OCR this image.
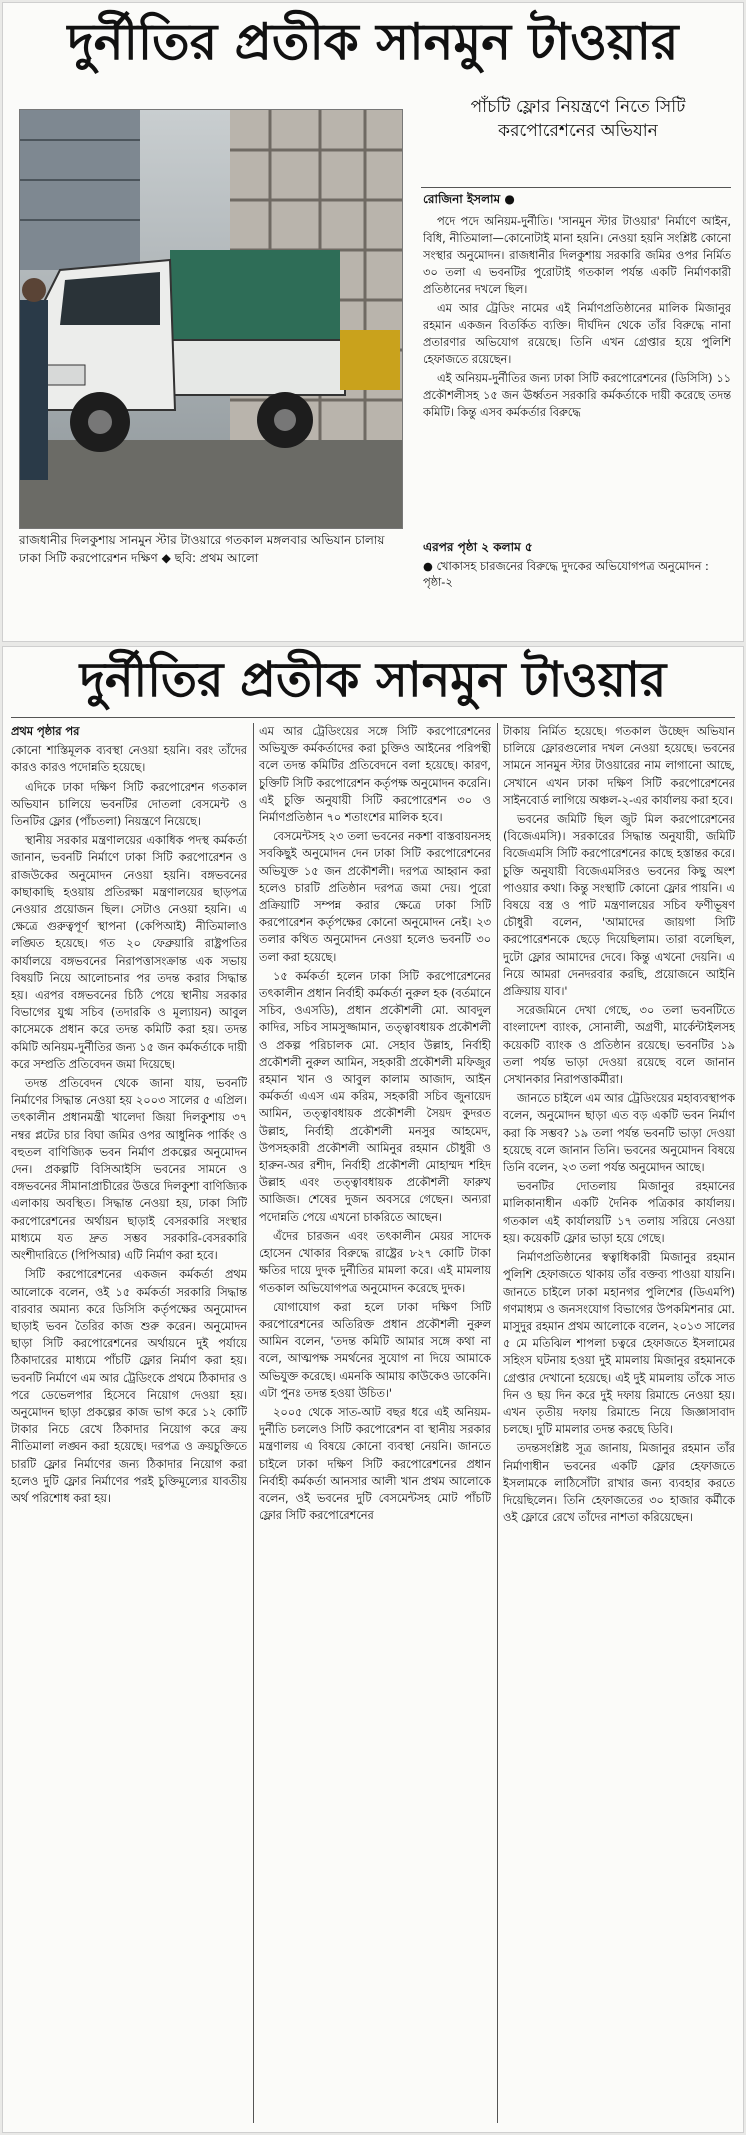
দুর্নীতির প্রতীক সানমুন টাওয়ার
রাজধানীর দিলকুশায় সানমুন স্টার টাওয়ারে গতকাল মঙ্গলবার অভিযান চালায় ঢাকা সিটি করপোরেশন দক্ষিণ ◆ ছবি: প্রথম আলো
পাঁচটি ফ্লোর নিয়ন্ত্রণে নিতে সিটি করপোরেশনের অভিযান
রোজিনা ইসলাম ●

পদে পদে অনিয়ম-দুর্নীতি। 'সানমুন স্টার টাওয়ার' নির্মাণে আইন, বিধি, নীতিমালা—কোনোটাই মানা হয়নি। নেওয়া হয়নি সংশ্লিষ্ট কোনো সংস্থার অনুমোদন। রাজধানীর দিলকুশায় সরকারি জমির ওপর নির্মিত ৩০ তলা এ ভবনটির পুরোটাই গতকাল পর্যন্ত একটি নির্মাণকারী প্রতিষ্ঠানের দখলে ছিল।

এম আর ট্রেডিং নামের এই নির্মাণপ্রতিষ্ঠানের মালিক মিজানুর রহমান একজন বিতর্কিত ব্যক্তি। দীর্ঘদিন থেকে তাঁর বিরুদ্ধে নানা প্রতারণার অভিযোগ রয়েছে। তিনি এখন গ্রেপ্তার হয়ে পুলিশি হেফাজতে রয়েছেন।

এই অনিয়ম-দুর্নীতির জন্য ঢাকা সিটি করপোরেশনের (ডিসিসি) ১১ প্রকৌশলীসহ ১৫ জন ঊর্ধ্বতন সরকারি কর্মকর্তাকে দায়ী করেছে তদন্ত কমিটি। কিন্তু এসব কর্মকর্তার বিরুদ্ধে

এরপর পৃষ্ঠা ২ কলাম ৫
● খোকাসহ চারজনের বিরুদ্ধে দুদকের অভিযোগপত্র অনুমোদন : পৃষ্ঠা-২
দুর্নীতির প্রতীক সানমুন টাওয়ার

প্রথম পৃষ্ঠার পর

কোনো শাস্তিমূলক ব্যবস্থা নেওয়া হয়নি। বরং তাঁদের কারও কারও পদোন্নতি হয়েছে।

এদিকে ঢাকা দক্ষিণ সিটি করপোরেশন গতকাল অভিযান চালিয়ে ভবনটির দোতলা বেসমেন্ট ও তিনটির ফ্লোর (পাঁচতলা) নিয়ন্ত্রণে নিয়েছে।

স্থানীয় সরকার মন্ত্রণালয়ের একাধিক পদস্থ কর্মকর্তা জানান, ভবনটি নির্মাণে ঢাকা সিটি করপোরেশন ও রাজউকের অনুমোদন নেওয়া হয়নি। বঙ্গভবনের কাছাকাছি হওয়ায় প্রতিরক্ষা মন্ত্রণালয়ের ছাড়পত্র নেওয়ার প্রয়োজন ছিল। সেটাও নেওয়া হয়নি। এ ক্ষেত্রে গুরুত্বপূর্ণ স্থাপনা (কেপিআই) নীতিমালাও লঙ্ঘিত হয়েছে। গত ২০ ফেব্রুয়ারি রাষ্ট্রপতির কার্যালয়ে বঙ্গভবনের নিরাপত্তাসংক্রান্ত এক সভায় বিষয়টি নিয়ে আলোচনার পর তদন্ত করার সিদ্ধান্ত হয়। এরপর বঙ্গভবনের চিঠি পেয়ে স্থানীয় সরকার বিভাগের যুগ্ম সচিব (তদারকি ও মূল্যায়ন) আবুল কাসেমকে প্রধান করে তদন্ত কমিটি করা হয়। তদন্ত কমিটি অনিয়ম-দুর্নীতির জন্য ১৫ জন কর্মকর্তাকে দায়ী করে সম্প্রতি প্রতিবেদন জমা দিয়েছে।

তদন্ত প্রতিবেদন থেকে জানা যায়, ভবনটি নির্মাণের সিদ্ধান্ত নেওয়া হয় ২০০৩ সালের ৫ এপ্রিল। তৎকালীন প্রধানমন্ত্রী খালেদা জিয়া দিলকুশায় ৩৭ নম্বর প্লটের চার বিঘা জমির ওপর আধুনিক পার্কিং ও বহুতল বাণিজ্যিক ভবন নির্মাণ প্রকল্পের অনুমোদন দেন। প্রকল্পটি বিসিআইসি ভবনের সামনে ও বঙ্গভবনের সীমানাপ্রাচীরের উত্তরে দিলকুশা বাণিজ্যিক এলাকায় অবস্থিত। সিদ্ধান্ত নেওয়া হয়, ঢাকা সিটি করপোরেশনের অর্থায়ন ছাড়াই বেসরকারি সংস্থার মাধ্যমে যত দ্রুত সম্ভব সরকারি-বেসরকারি অংশীদারিতে (পিপিআর) এটি নির্মাণ করা হবে।

সিটি করপোরেশনের একজন কর্মকর্তা প্রথম আলোকে বলেন, ওই ১৫ কর্মকর্তা সরকারি সিদ্ধান্ত বারবার অমান্য করে ডিসিসি কর্তৃপক্ষের অনুমোদন ছাড়াই ভবন তৈরির কাজ শুরু করেন। অনুমোদন ছাড়া সিটি করপোরেশনের অর্থায়নে দুই পর্যায়ে ঠিকাদারের মাধ্যমে পাঁচটি ফ্লোর নির্মাণ করা হয়। ভবনটি নির্মাণে এম আর ট্রেডিংকে প্রথমে ঠিকাদার ও পরে ডেভেলপার হিসেবে নিয়োগ দেওয়া হয়। অনুমোদন ছাড়া প্রকল্পের কাজ ভাগ করে ১২ কোটি টাকার নিচে রেখে ঠিকাদার নিয়োগ করে ক্রয় নীতিমালা লঙ্ঘন করা হয়েছে। দরপত্র ও ক্রয়চুক্তিতে চারটি ফ্লোর নির্মাণের জন্য ঠিকাদার নিয়োগ করা হলেও দুটি ফ্লোর নির্মাণের পরই চুক্তিমূল্যের যাবতীয় অর্থ পরিশোধ করা হয়।

এম আর ট্রেডিংয়ের সঙ্গে সিটি করপোরেশনের অভিযুক্ত কর্মকর্তাদের করা চুক্তিও আইনের পরিপন্থী বলে তদন্ত কমিটির প্রতিবেদনে বলা হয়েছে। কারণ, চুক্তিটি সিটি করপোরেশন কর্তৃপক্ষ অনুমোদন করেনি। এই চুক্তি অনুযায়ী সিটি করপোরেশন ৩০ ও নির্মাণপ্রতিষ্ঠান ৭০ শতাংশের মালিক হবে।

বেসমেন্টসহ ২৩ তলা ভবনের নকশা বাস্তবায়নসহ সবকিছুই অনুমোদন দেন ঢাকা সিটি করপোরেশনের অভিযুক্ত ১৫ জন প্রকৌশলী। দরপত্র আহ্বান করা হলেও চারটি প্রতিষ্ঠান দরপত্র জমা দেয়। পুরো প্রক্রিয়াটি সম্পন্ন করার ক্ষেত্রে ঢাকা সিটি করপোরেশন কর্তৃপক্ষের কোনো অনুমোদন নেই। ২৩ তলার কথিত অনুমোদন নেওয়া হলেও ভবনটি ৩০ তলা করা হয়েছে।

১৫ কর্মকর্তা হলেন ঢাকা সিটি করপোরেশনের তৎকালীন প্রধান নির্বাহী কর্মকর্তা নুরুল হক (বর্তমানে সচিব, ওএসডি), প্রধান প্রকৌশলী মো. আবদুল কাদির, সচিব সামসুজ্জামান, তত্ত্বাবধায়ক প্রকৌশলী ও প্রকল্প পরিচালক মো. সেহাব উল্লাহ, নির্বাহী প্রকৌশলী নুরুল আমিন, সহকারী প্রকৌশলী মফিজুর রহমান খান ও আবুল কালাম আজাদ, আইন কর্মকর্তা এএস এম করিম, সহকারী সচিব জুনায়েদ আমিন, তত্ত্বাবধায়ক প্রকৌশলী সৈয়দ কুদরত উল্লাহ, নির্বাহী প্রকৌশলী মনসুর আহমেদ, উপসহকারী প্রকৌশলী আমিনুর রহমান চৌধুরী ও হারুন-অর রশীদ, নির্বাহী প্রকৌশলী মোহাম্মদ শহিদ উল্লাহ এবং তত্ত্বাবধায়ক প্রকৌশলী ফারুখ আজিজ। শেষের দুজন অবসরে গেছেন। অন্যরা পদোন্নতি পেয়ে এখনো চাকরিতে আছেন।

এঁদের চারজন এবং তৎকালীন মেয়র সাদেক হোসেন খোকার বিরুদ্ধে রাষ্ট্রের ৮২৭ কোটি টাকা ক্ষতির দায়ে দুদক দুর্নীতির মামলা করে। এই মামলায় গতকাল অভিযোগপত্র অনুমোদন করেছে দুদক।

যোগাযোগ করা হলে ঢাকা দক্ষিণ সিটি করপোরেশনের অতিরিক্ত প্রধান প্রকৌশলী নুরুল আমিন বলেন, 'তদন্ত কমিটি আমার সঙ্গে কথা না বলে, আত্মপক্ষ সমর্থনের সুযোগ না দিয়ে আমাকে অভিযুক্ত করেছে। এমনকি আমায় কাউকেও ডাকেনি। এটা পুনঃ তদন্ত হওয়া উচিত।'

২০০৫ থেকে সাত-আট বছর ধরে এই অনিয়ম-দুর্নীতি চললেও সিটি করপোরেশন বা স্থানীয় সরকার মন্ত্রণালয় এ বিষয়ে কোনো ব্যবস্থা নেয়নি। জানতে চাইলে ঢাকা দক্ষিণ সিটি করপোরেশনের প্রধান নির্বাহী কর্মকর্তা আনসার আলী খান প্রথম আলোকে বলেন, ওই ভবনের দুটি বেসমেন্টসহ মোট পাঁচটি ফ্লোর সিটি করপোরেশনের

টাকায় নির্মিত হয়েছে। গতকাল উচ্ছেদ অভিযান চালিয়ে ফ্লোরগুলোর দখল নেওয়া হয়েছে। ভবনের সামনে সানমুন স্টার টাওয়ারের নাম লাগানো আছে, সেখানে এখন ঢাকা দক্ষিণ সিটি করপোরেশনের সাইনবোর্ড লাগিয়ে অঞ্চল-২-এর কার্যালয় করা হবে।

ভবনের জমিটি ছিল জুট মিল করপোরেশনের (বিজেএমসি)। সরকারের সিদ্ধান্ত অনুযায়ী, জমিটি বিজেএমসি সিটি করপোরেশনের কাছে হস্তান্তর করে। চুক্তি অনুযায়ী বিজেএমসিরও ভবনের কিছু অংশ পাওয়ার কথা। কিন্তু সংস্থাটি কোনো ফ্লোর পায়নি। এ বিষয়ে বস্ত্র ও পাট মন্ত্রণালয়ের সচিব ফণীভূষণ চৌধুরী বলেন, 'আমাদের জায়গা সিটি করপোরেশনকে ছেড়ে দিয়েছিলাম। তারা বলেছিল, দুটো ফ্লোর আমাদের দেবে। কিন্তু এখনো দেয়নি। এ নিয়ে আমরা দেনদরবার করছি, প্রয়োজনে আইনি প্রক্রিয়ায় যাব।'

সরেজমিনে দেখা গেছে, ৩০ তলা ভবনটিতে বাংলাদেশ ব্যাংক, সোনালী, অগ্রণী, মার্কেন্টাইলসহ কয়েকটি ব্যাংক ও প্রতিষ্ঠান রয়েছে। ভবনটির ১৯ তলা পর্যন্ত ভাড়া দেওয়া রয়েছে বলে জানান সেখানকার নিরাপত্তাকর্মীরা।

জানতে চাইলে এম আর ট্রেডিংয়ের মহাব্যবস্থাপক বলেন, অনুমোদন ছাড়া এত বড় একটি ভবন নির্মাণ করা কি সম্ভব? ১৯ তলা পর্যন্ত ভবনটি ভাড়া দেওয়া হয়েছে বলে জানান তিনি। ভবনের অনুমোদন বিষয়ে তিনি বলেন, ২৩ তলা পর্যন্ত অনুমোদন আছে।

ভবনটির দোতলায় মিজানুর রহমানের মালিকানাধীন একটি দৈনিক পত্রিকার কার্যালয়। গতকাল এই কার্যালয়টি ১৭ তলায় সরিয়ে নেওয়া হয়। কয়েকটি ফ্লোর ভাড়া হয়ে গেছে।

নির্মাণপ্রতিষ্ঠানের স্বত্বাধিকারী মিজানুর রহমান পুলিশি হেফাজতে থাকায় তাঁর বক্তব্য পাওয়া যায়নি। জানতে চাইলে ঢাকা মহানগর পুলিশের (ডিএমপি) গণমাধ্যম ও জনসংযোগ বিভাগের উপকমিশনার মো. মাসুদুর রহমান প্রথম আলোকে বলেন, ২০১৩ সালের ৫ মে মতিঝিল শাপলা চত্বরে হেফাজতে ইসলামের সহিংস ঘটনায় হওয়া দুই মামলায় মিজানুর রহমানকে গ্রেপ্তার দেখানো হয়েছে। এই দুই মামলায় তাঁকে সাত দিন ও ছয় দিন করে দুই দফায় রিমান্ডে নেওয়া হয়। এখন তৃতীয় দফায় রিমান্ডে নিয়ে জিজ্ঞাসাবাদ চলছে। দুটি মামলার তদন্ত করছে ডিবি।

তদন্তসংশ্লিষ্ট সূত্র জানায়, মিজানুর রহমান তাঁর নির্মাণাধীন ভবনের একটি ফ্লোর হেফাজতে ইসলামকে লাঠিসোঁটা রাখার জন্য ব্যবহার করতে দিয়েছিলেন। তিনি হেফাজতের ৩০ হাজার কর্মীকে ওই ফ্লোরে রেখে তাঁদের নাশতা করিয়েছেন।
